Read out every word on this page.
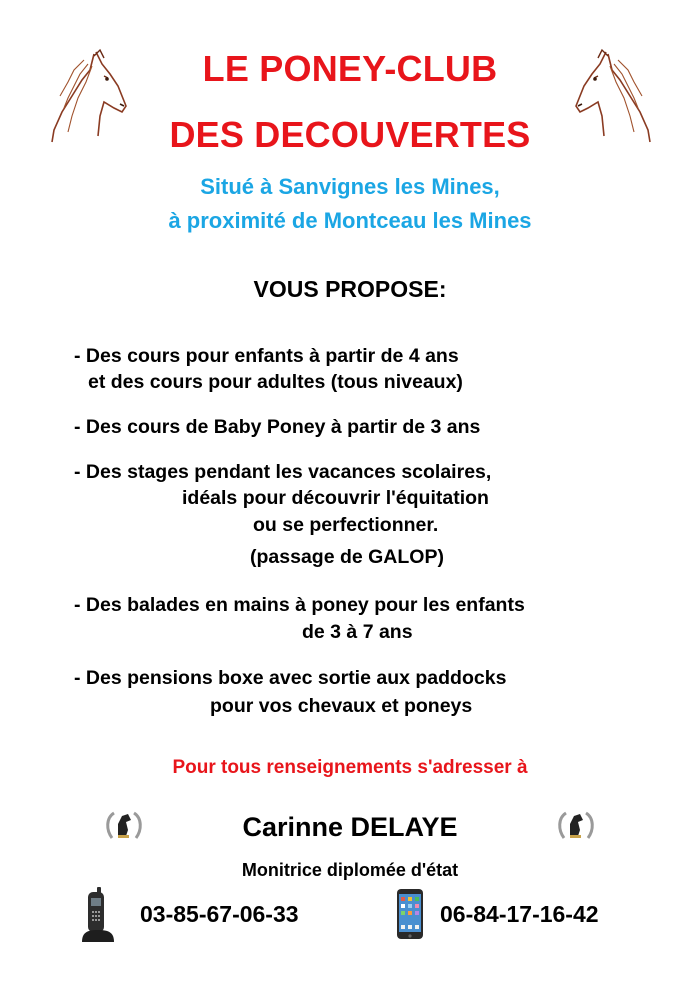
LE PONEY-CLUB
DES DECOUVERTES
Situé à Sanvignes les Mines,
à proximité de Montceau les Mines
VOUS PROPOSE:
- Des cours pour enfants à partir de 4 ans
et des cours pour adultes (tous niveaux)
- Des cours de Baby Poney à partir de 3 ans
- Des stages pendant les vacances scolaires,
idéals pour découvrir l'équitation
ou se perfectionner.
(passage de GALOP)
- Des balades en mains à poney pour les enfants
de 3 à 7 ans
- Des pensions boxe avec sortie aux paddocks
pour vos chevaux et poneys
Pour tous renseignements s'adresser à
Carinne DELAYE
Monitrice diplomée d'état
03-85-67-06-33	06-84-17-16-42
